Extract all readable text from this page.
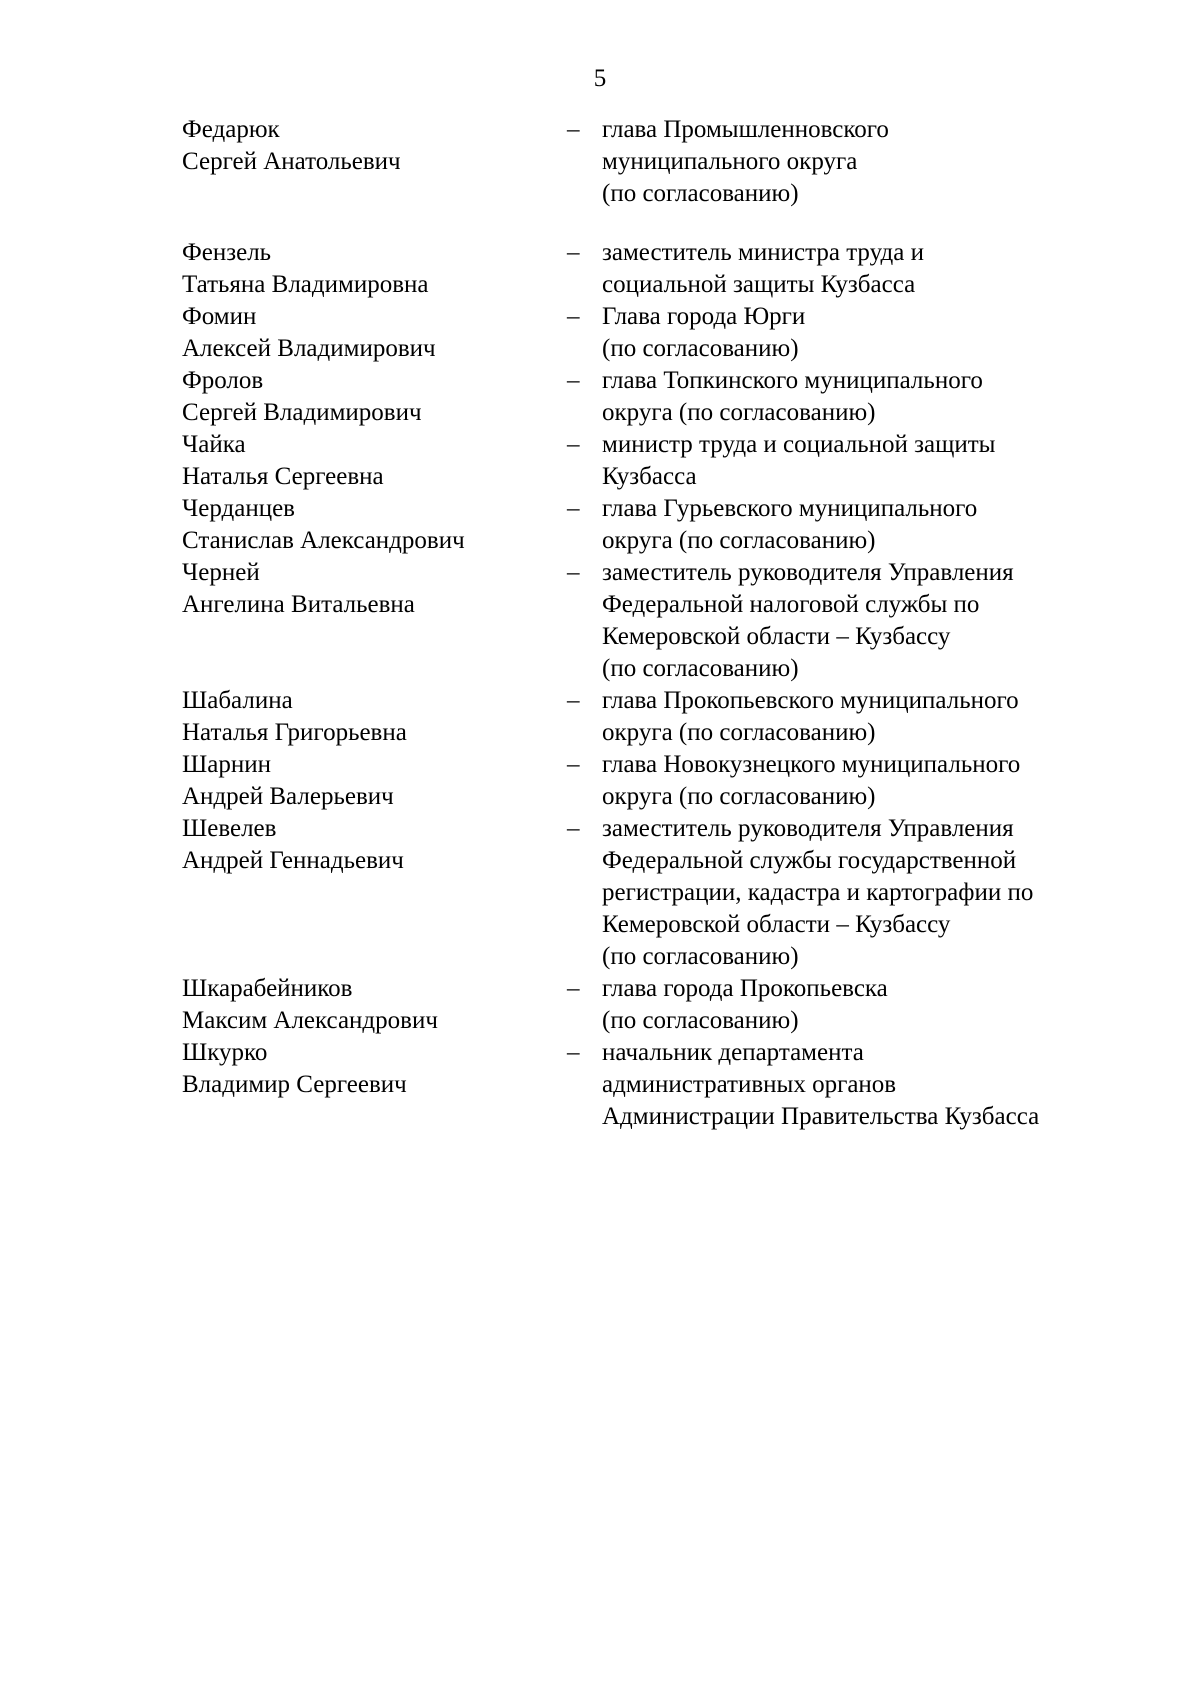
5
Федарюк
Сергей Анатольевич
– глава Промышленновского
муниципального округа
(по согласованию)
Фензель
Татьяна Владимировна
– заместитель министра труда и
социальной защиты Кузбасса
Фомин
Алексей Владимирович
– Глава города Юрги
(по согласованию)
Фролов
Сергей Владимирович
– глава Топкинского муниципального
округа (по согласованию)
Чайка
Наталья Сергеевна
– министр труда и социальной защиты
Кузбасса
Черданцев
Станислав Александрович
– глава Гурьевского муниципального
округа (по согласованию)
Черней
Ангелина Витальевна
– заместитель руководителя Управления
Федеральной налоговой службы по
Кемеровской области – Кузбассу
(по согласованию)
Шабалина
Наталья Григорьевна
– глава Прокопьевского муниципального
округа (по согласованию)
Шарнин
Андрей Валерьевич
– глава Новокузнецкого муниципального
округа (по согласованию)
Шевелев
Андрей Геннадьевич
– заместитель руководителя Управления
Федеральной службы государственной
регистрации, кадастра и картографии по
Кемеровской области – Кузбассу
(по согласованию)
Шкарабейников
Максим Александрович
– глава города Прокопьевска
(по согласованию)
Шкурко
Владимир Сергеевич
– начальник департамента
административных органов
Администрации Правительства Кузбасса
